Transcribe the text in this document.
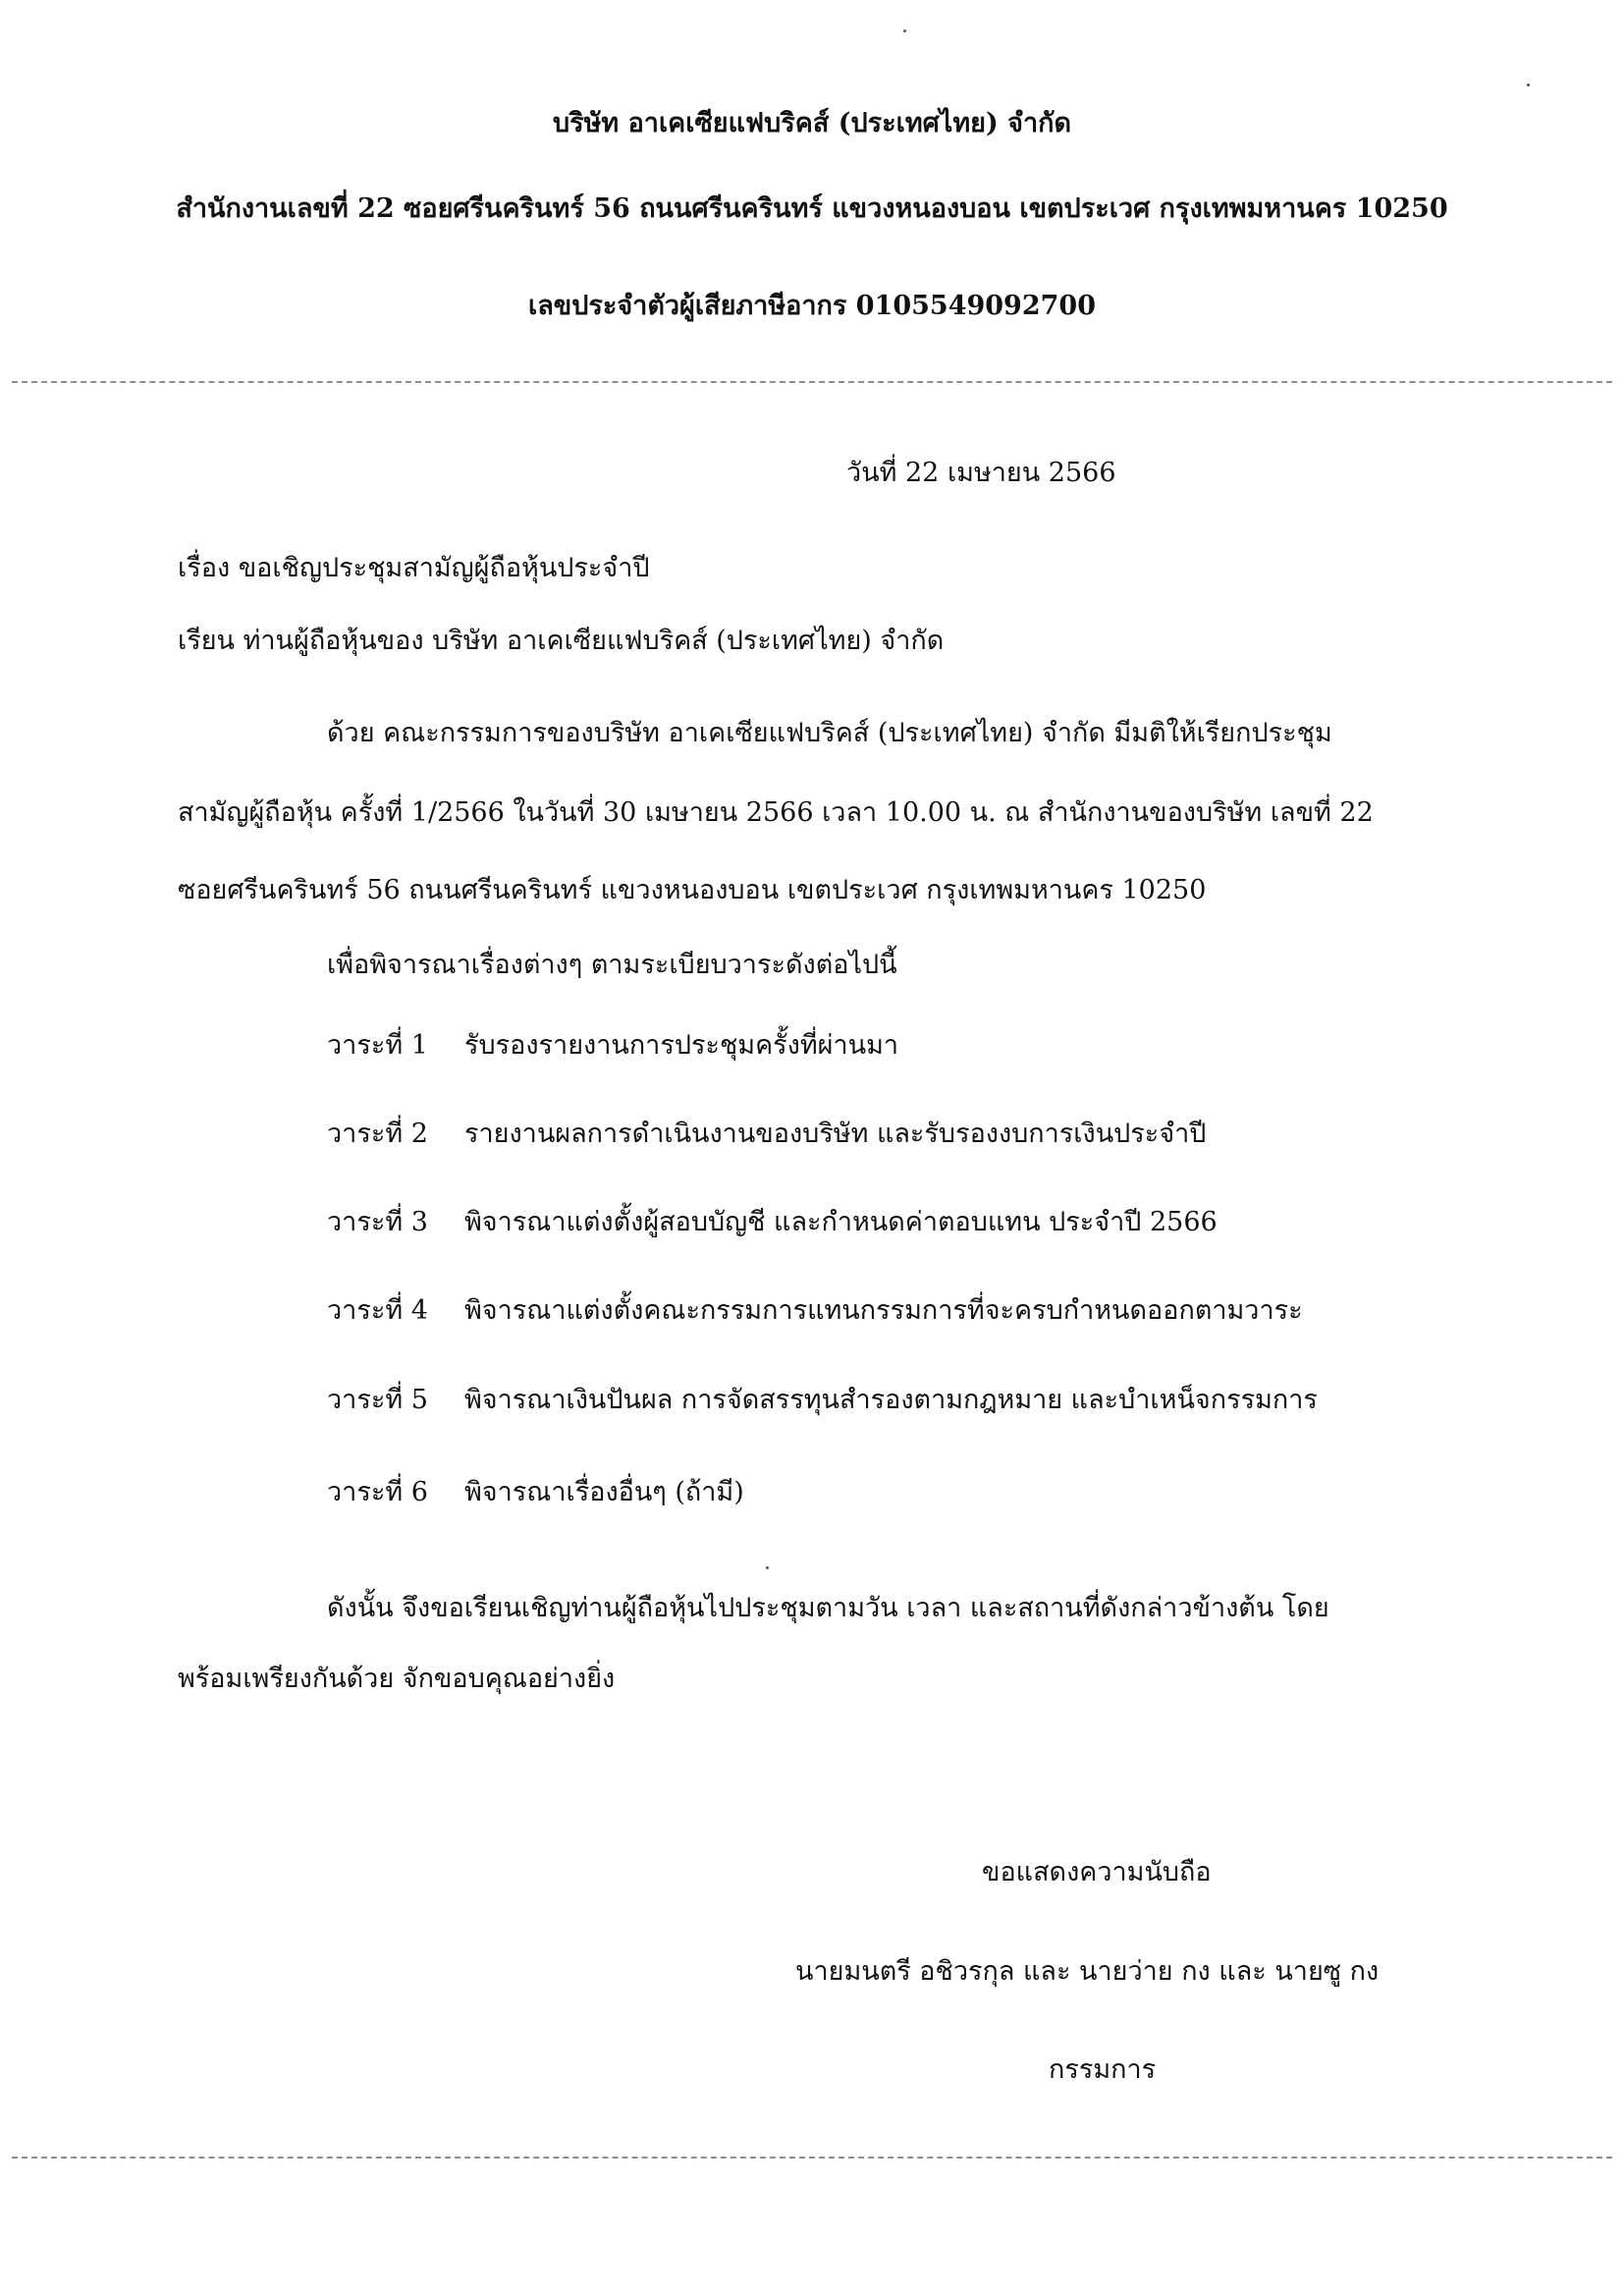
บริษัท อาเคเซียแฟบริคส์ (ประเทศไทย) จำกัด
สำนักงานเลขที่ 22 ซอยศรีนครินทร์ 56 ถนนศรีนครินทร์ แขวงหนองบอน เขตประเวศ กรุงเทพมหานคร 10250
เลขประจำตัวผู้เสียภาษีอากร 0105549092700
วันที่ 22 เมษายน 2566
เรื่อง ขอเชิญประชุมสามัญผู้ถือหุ้นประจำปี
เรียน ท่านผู้ถือหุ้นของ บริษัท อาเคเซียแฟบริคส์ (ประเทศไทย) จำกัด
ด้วย คณะกรรมการของบริษัท อาเคเซียแฟบริคส์ (ประเทศไทย) จำกัด มีมติให้เรียกประชุม
สามัญผู้ถือหุ้น ครั้งที่ 1/2566 ในวันที่ 30 เมษายน 2566 เวลา 10.00 น. ณ สำนักงานของบริษัท เลขที่ 22
ซอยศรีนครินทร์ 56 ถนนศรีนครินทร์ แขวงหนองบอน เขตประเวศ กรุงเทพมหานคร 10250
เพื่อพิจารณาเรื่องต่างๆ ตามระเบียบวาระดังต่อไปนี้
วาระที่ 1 รับรองรายงานการประชุมครั้งที่ผ่านมา
วาระที่ 2 รายงานผลการดำเนินงานของบริษัท และรับรองงบการเงินประจำปี
วาระที่ 3 พิจารณาแต่งตั้งผู้สอบบัญชี และกำหนดค่าตอบแทน ประจำปี 2566
วาระที่ 4 พิจารณาแต่งตั้งคณะกรรมการแทนกรรมการที่จะครบกำหนดออกตามวาระ
วาระที่ 5 พิจารณาเงินปันผล การจัดสรรทุนสำรองตามกฎหมาย และบำเหน็จกรรมการ
วาระที่ 6 พิจารณาเรื่องอื่นๆ (ถ้ามี)
ดังนั้น จึงขอเรียนเชิญท่านผู้ถือหุ้นไปประชุมตามวัน เวลา และสถานที่ดังกล่าวข้างต้น โดย
พร้อมเพรียงกันด้วย จักขอบคุณอย่างยิ่ง
ขอแสดงความนับถือ
นายมนตรี อชิวรกุล และ นายว่าย กง และ นายซู กง
กรรมการ
